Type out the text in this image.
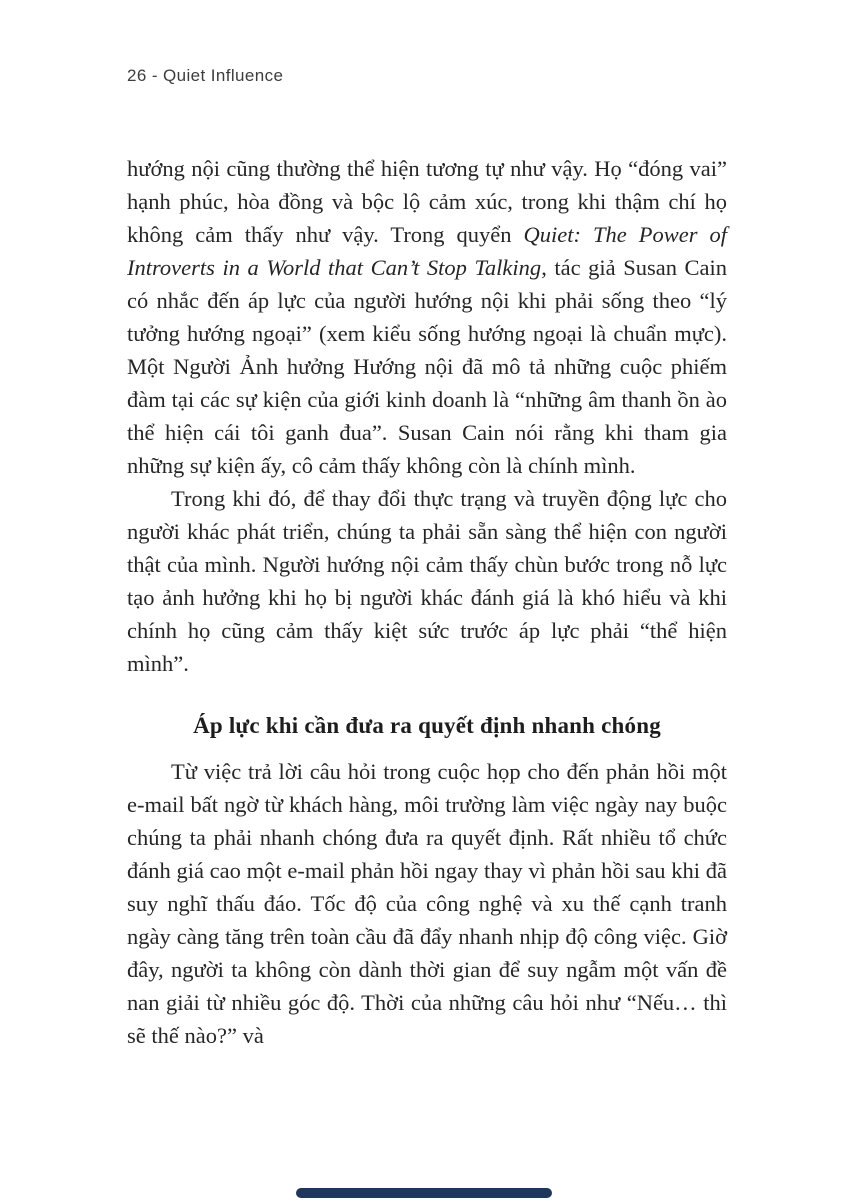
26 - Quiet Influence

hướng nội cũng thường thể hiện tương tự như vậy. Họ “đóng vai” hạnh phúc, hòa đồng và bộc lộ cảm xúc, trong khi thậm chí họ không cảm thấy như vậy. Trong quyển Quiet: The Power of Introverts in a World that Can’t Stop Talking, tác giả Susan Cain có nhắc đến áp lực của người hướng nội khi phải sống theo “lý tưởng hướng ngoại” (xem kiểu sống hướng ngoại là chuẩn mực). Một Người Ảnh hưởng Hướng nội đã mô tả những cuộc phiếm đàm tại các sự kiện của giới kinh doanh là “những âm thanh ồn ào thể hiện cái tôi ganh đua”. Susan Cain nói rằng khi tham gia những sự kiện ấy, cô cảm thấy không còn là chính mình.

Trong khi đó, để thay đổi thực trạng và truyền động lực cho người khác phát triển, chúng ta phải sẵn sàng thể hiện con người thật của mình. Người hướng nội cảm thấy chùn bước trong nỗ lực tạo ảnh hưởng khi họ bị người khác đánh giá là khó hiểu và khi chính họ cũng cảm thấy kiệt sức trước áp lực phải “thể hiện mình”.

Áp lực khi cần đưa ra quyết định nhanh chóng

Từ việc trả lời câu hỏi trong cuộc họp cho đến phản hồi một e-mail bất ngờ từ khách hàng, môi trường làm việc ngày nay buộc chúng ta phải nhanh chóng đưa ra quyết định. Rất nhiều tổ chức đánh giá cao một e-mail phản hồi ngay thay vì phản hồi sau khi đã suy nghĩ thấu đáo. Tốc độ của công nghệ và xu thế cạnh tranh ngày càng tăng trên toàn cầu đã đẩy nhanh nhịp độ công việc. Giờ đây, người ta không còn dành thời gian để suy ngẫm một vấn đề nan giải từ nhiều góc độ. Thời của những câu hỏi như “Nếu… thì sẽ thế nào?” và
